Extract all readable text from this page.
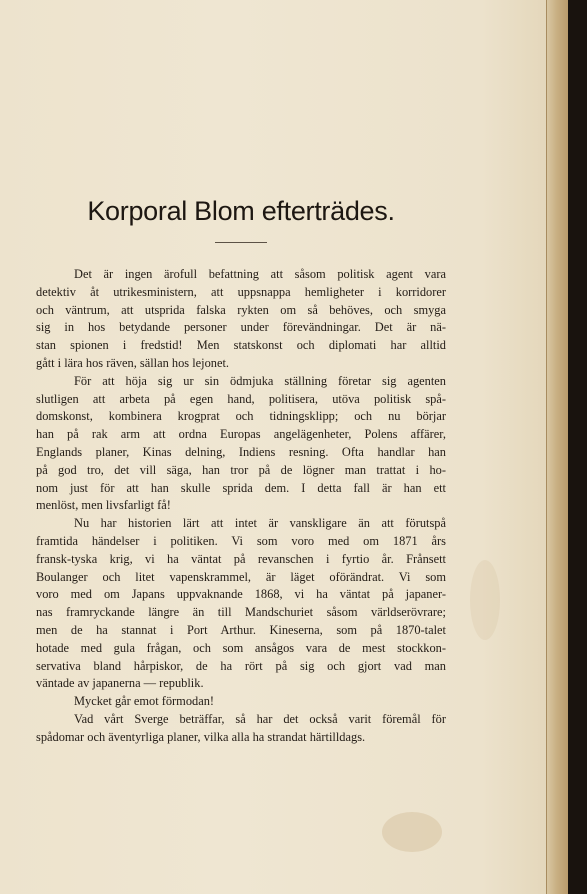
Korporal Blom efterträdes.
Det är ingen ärofull befattning att såsom politisk agent vara
detektiv åt utrikesministern, att uppsnappa hemligheter i korridorer
och väntrum, att utsprida falska rykten om så behöves, och smyga
sig in hos betydande personer under förevändningar. Det är nä-
stan spionen i fredstid! Men statskonst och diplomati har alltid
gått i lära hos räven, sällan hos lejonet.
För att höja sig ur sin ödmjuka ställning företar sig agenten
slutligen att arbeta på egen hand, politisera, utöva politisk spå-
domskonst, kombinera krogprat och tidningsklipp; och nu börjar
han på rak arm att ordna Europas angelägenheter, Polens affärer,
Englands planer, Kinas delning, Indiens resning. Ofta handlar han
på god tro, det vill säga, han tror på de lögner man trattat i ho-
nom just för att han skulle sprida dem. I detta fall är han ett
menlöst, men livsfarligt få!
Nu har historien lärt att intet är vanskligare än att förutspå
framtida händelser i politiken. Vi som voro med om 1871 års
fransk-tyska krig, vi ha väntat på revanschen i fyrtio år. Frånsett
Boulanger och litet vapenskrammel, är läget oförändrat. Vi som
voro med om Japans uppvaknande 1868, vi ha väntat på japaner-
nas framryckande längre än till Mandschuriet såsom världserövrare;
men de ha stannat i Port Arthur. Kineserna, som på 1870-talet
hotade med gula frågan, och som ansågos vara de mest stockkon-
servativa bland hårpiskor, de ha rört på sig och gjort vad man
väntade av japanerna — republik.
Mycket går emot förmodan!
Vad vårt Sverge beträffar, så har det också varit föremål för
spådomar och äventyrliga planer, vilka alla ha strandat härtilldags.
